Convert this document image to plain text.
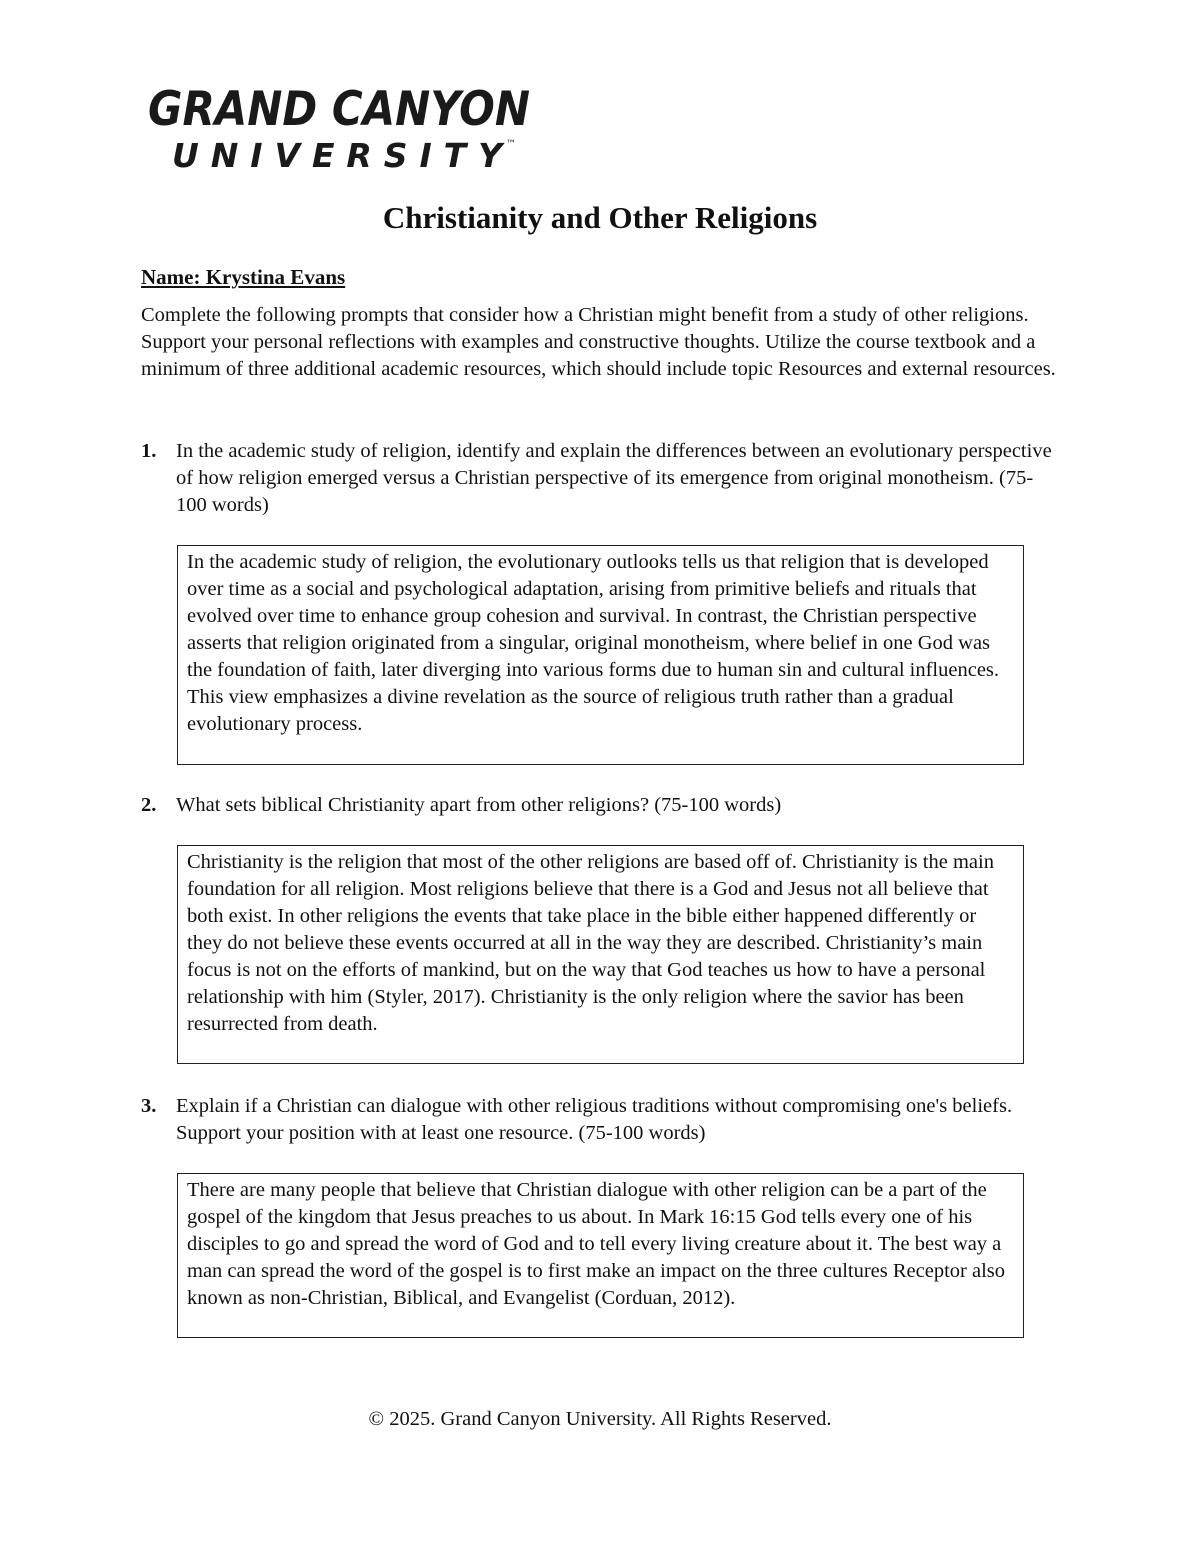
GRAND CANYON
UNIVERSITY ™
Christianity and Other Religions

Name: Krystina Evans

Complete the following prompts that consider how a Christian might benefit from a study of other religions. Support your personal reflections with examples and constructive thoughts. Utilize the course textbook and a minimum of three additional academic resources, which should include topic Resources and external resources.

1. In the academic study of religion, identify and explain the differences between an evolutionary perspective of how religion emerged versus a Christian perspective of its emergence from original monotheism. (75-100 words)

In the academic study of religion, the evolutionary outlooks tells us that religion that is developed over time as a social and psychological adaptation, arising from primitive beliefs and rituals that evolved over time to enhance group cohesion and survival. In contrast, the Christian perspective asserts that religion originated from a singular, original monotheism, where belief in one God was the foundation of faith, later diverging into various forms due to human sin and cultural influences. This view emphasizes a divine revelation as the source of religious truth rather than a gradual evolutionary process.

2. What sets biblical Christianity apart from other religions? (75-100 words)

Christianity is the religion that most of the other religions are based off of. Christianity is the main foundation for all religion. Most religions believe that there is a God and Jesus not all believe that both exist. In other religions the events that take place in the bible either happened differently or they do not believe these events occurred at all in the way they are described. Christianity’s main focus is not on the efforts of mankind, but on the way that God teaches us how to have a personal relationship with him (Styler, 2017). Christianity is the only religion where the savior has been resurrected from death.

3. Explain if a Christian can dialogue with other religious traditions without compromising one's beliefs. Support your position with at least one resource. (75-100 words)

There are many people that believe that Christian dialogue with other religion can be a part of the gospel of the kingdom that Jesus preaches to us about. In Mark 16:15 God tells every one of his disciples to go and spread the word of God and to tell every living creature about it. The best way a man can spread the word of the gospel is to first make an impact on the three cultures Receptor also known as non-Christian, Biblical, and Evangelist (Corduan, 2012).

© 2025. Grand Canyon University. All Rights Reserved.
